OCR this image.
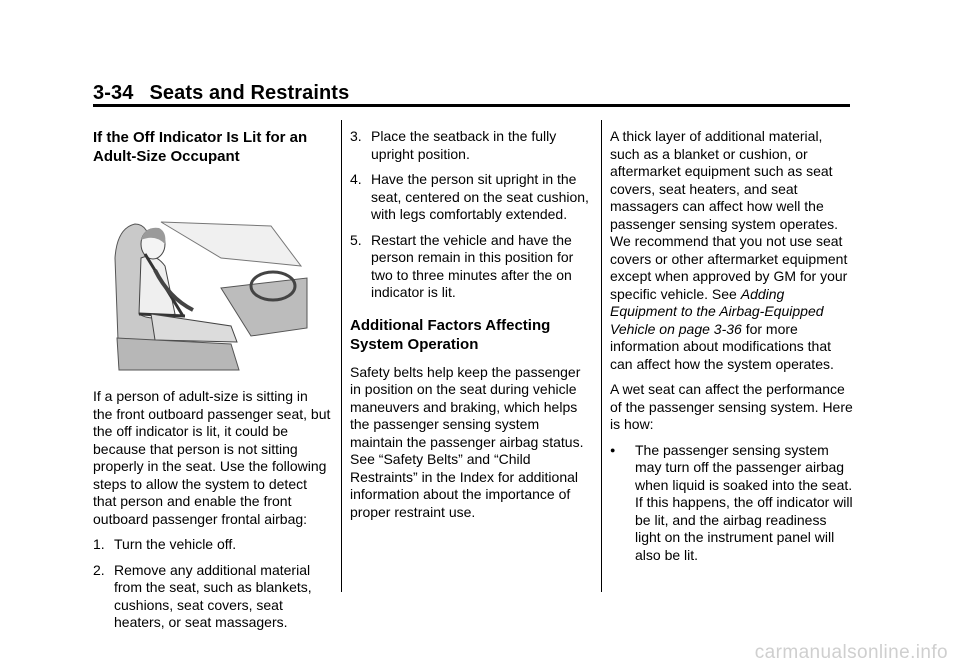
3-34 Seats and Restraints
If the Off Indicator Is Lit for an Adult-Size Occupant

If a person of adult-size is sitting in the front outboard passenger seat, but the off indicator is lit, it could be because that person is not sitting properly in the seat. Use the following steps to allow the system to detect that person and enable the front outboard passenger frontal airbag:

1. Turn the vehicle off.
2. Remove any additional material from the seat, such as blankets, cushions, seat covers, seat heaters, or seat massagers.
3. Place the seatback in the fully upright position.
4. Have the person sit upright in the seat, centered on the seat cushion, with legs comfortably extended.
5. Restart the vehicle and have the person remain in this position for two to three minutes after the on indicator is lit.
Additional Factors Affecting System Operation

Safety belts help keep the passenger in position on the seat during vehicle maneuvers and braking, which helps the passenger sensing system maintain the passenger airbag status. See “Safety Belts” and “Child Restraints” in the Index for additional information about the importance of proper restraint use.

A thick layer of additional material, such as a blanket or cushion, or aftermarket equipment such as seat covers, seat heaters, and seat massagers can affect how well the passenger sensing system operates. We recommend that you not use seat covers or other aftermarket equipment except when approved by GM for your specific vehicle. See Adding Equipment to the Airbag-Equipped Vehicle on page 3-36 for more information about modifications that can affect how the system operates.

A wet seat can affect the performance of the passenger sensing system. Here is how:

●	The passenger sensing system may turn off the passenger airbag when liquid is soaked into the seat. If this happens, the off indicator will be lit, and the airbag readiness light on the instrument panel will also be lit.
carmanualsonline.info
